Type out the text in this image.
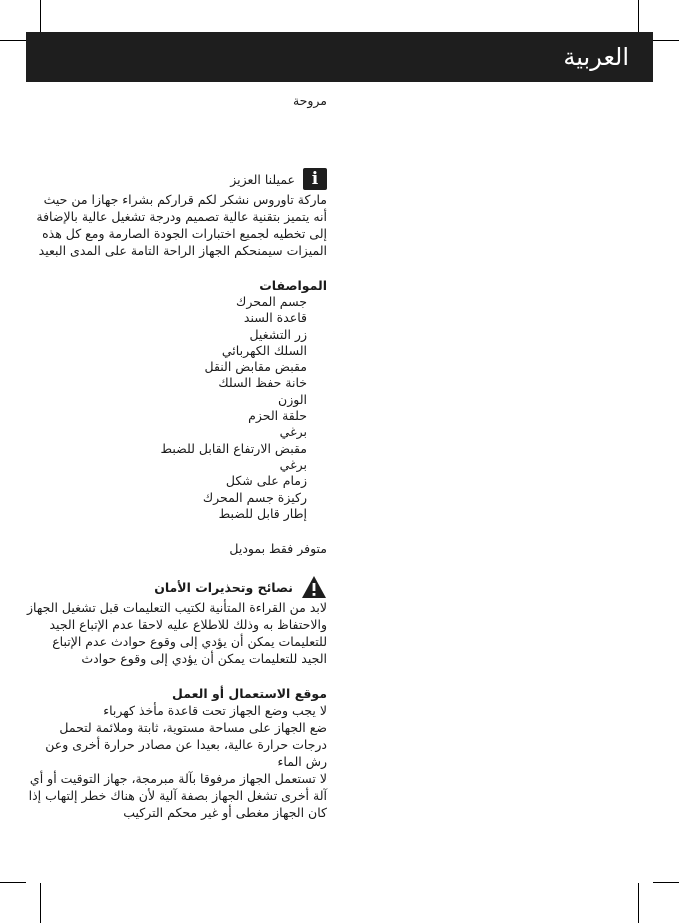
العربية

مروحة

i
عميلنا العزيز

ماركة تاوروس نشكر لكم قراركم بشراء جهازا من حيث أنه يتميز بتقنية عالية تصميم ودرجة تشغيل عالية بالإضافة إلى تخطيه لجميع اختبارات الجودة الصارمة ومع كل هذه الميزات سيمنحكم الجهاز الراحة التامة على المدى البعيد

المواصفات

جسم المحرك
قاعدة السند
زر التشغيل
السلك الكهربائي
مقبض مقابض النقل
خانة حفظ السلك
الوزن
حلقة الحزم
برغي
مقبض الارتفاع القابل للضبط
برغي
زمام على شكل
ركيزة جسم المحرك
إطار قابل للضبط

متوفر فقط بموديل

نصائح وتحذيرات الأمان

لابد من القراءة المتأنية لكتيب التعليمات قبل تشغيل الجهاز والاحتفاظ به وذلك للاطلاع عليه لاحقا عدم الإتباع الجيد للتعليمات يمكن أن يؤدي إلى وقوع حوادث عدم الإتباع الجيد للتعليمات يمكن أن يؤدي إلى وقوع حوادث

موقع الاستعمال أو العمل

لا يجب وضع الجهاز تحت قاعدة مأخذ كهرباء

ضع الجهاز على مساحة مستوية، ثابتة وملائمة لتحمل درجات حرارة عالية، بعيدا عن مصادر حرارة أخرى وعن رش الماء

لا تستعمل الجهاز مرفوقا بآلة مبرمجة، جهاز التوقيت أو أي آلة أخرى تشغل الجهاز بصفة آلية لأن هناك خطر إلتهاب إذا كان الجهاز مغطى أو غير محكم التركيب
